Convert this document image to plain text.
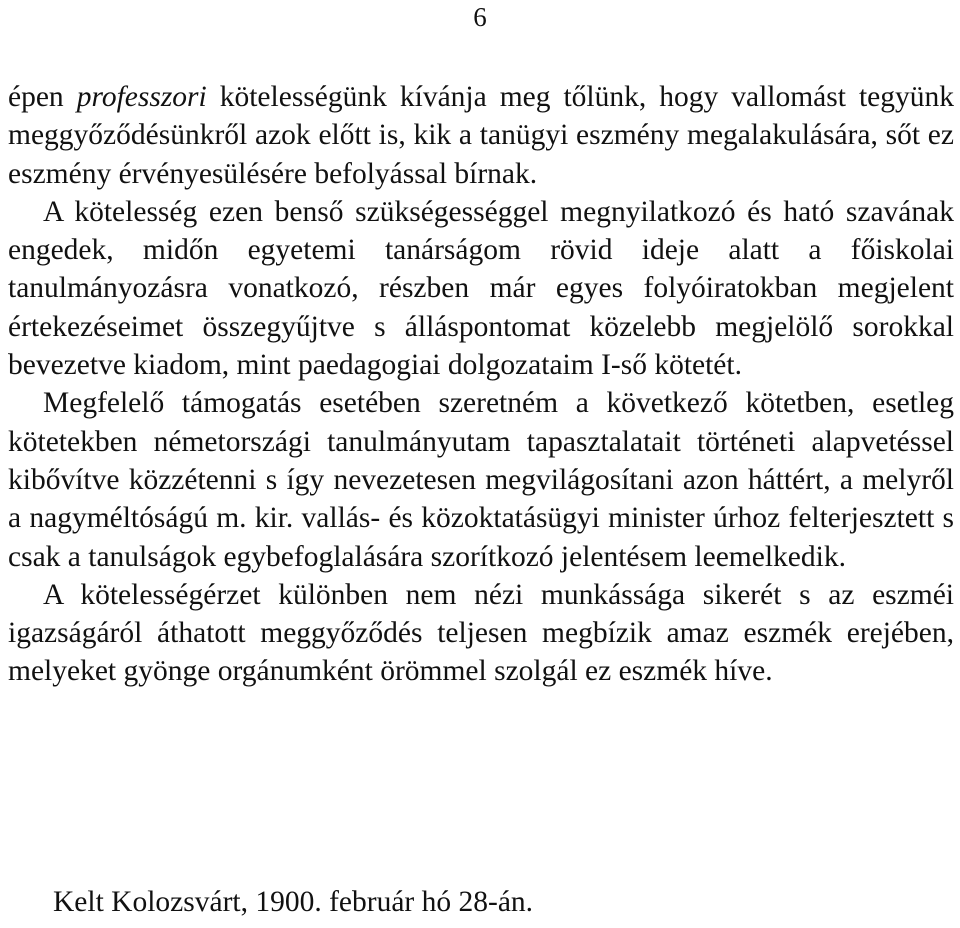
6

épen professzori kötelességünk kívánja meg tőlünk, hogy vallomást tegyünk meggyőződésünkről azok előtt is, kik a tanügyi eszmény megalakulására, sőt ez eszmény érvényesülésére befolyással bírnak.

A kötelesség ezen benső szükségességgel megnyilatkozó és ható szavának engedek, midőn egyetemi tanárságom rövid ideje alatt a főiskolai tanulmányozásra vonatkozó, részben már egyes folyóiratokban megjelent értekezéseimet összegyűjtve s álláspontomat közelebb megjelölő sorokkal bevezetve kiadom, mint paedagogiai dolgozataim I-ső kötetét.

Megfelelő támogatás esetében szeretném a következő kötetben, esetleg kötetekben németországi tanulmányutam tapasztalatait történeti alapvetéssel kibővítve közzétenni s így nevezetesen megvilágosítani azon háttért, a melyről a nagyméltóságú m. kir. vallás- és közoktatásügyi minister úrhoz felterjesztett s csak a tanulságok egybefoglalására szorítkozó jelentésem leemelkedik.

A kötelességérzet különben nem nézi munkássága sikerét s az eszméi igazságáról áthatott meggyőződés teljesen megbízik amaz eszmék erejében, melyeket gyönge orgánumként örömmel szolgál ez eszmék híve.

Kelt Kolozsvárt, 1900. február hó 28-án.
